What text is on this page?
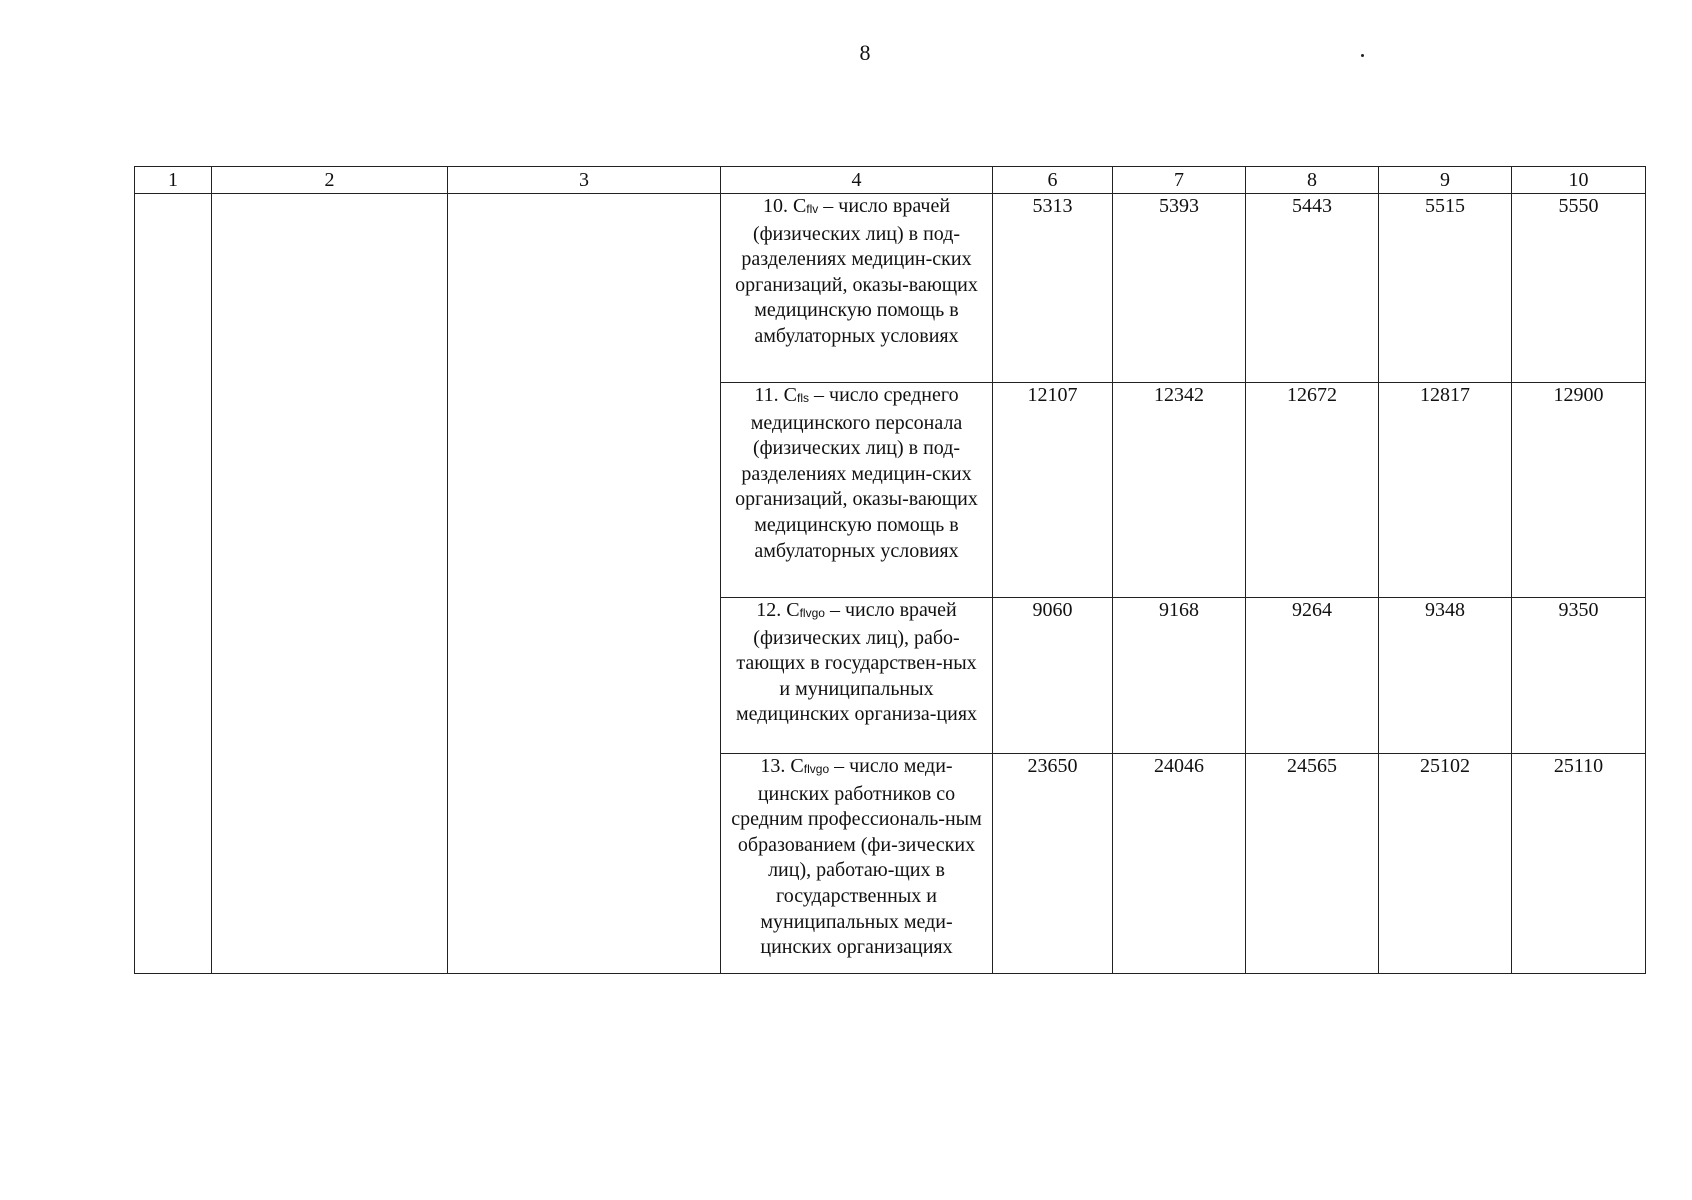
8
1	2	3	4	6	7	8	9	10
			10. Cflv – число врачей (физических лиц) в под-разделениях медицин-ских организаций, оказы-вающих медицинскую помощь в амбулаторных условиях	5313	5393	5443	5515	5550
			11. Cfls – число среднего медицинского персонала (физических лиц) в под-разделениях медицин-ских организаций, оказы-вающих медицинскую помощь в амбулаторных условиях	12107	12342	12672	12817	12900
			12. Cflvgo – число врачей (физических лиц), рабо-тающих в государствен-ных и муниципальных медицинских организа-циях	9060	9168	9264	9348	9350
			13. Cflvgo – число меди-цинских работников со средним профессиональ-ным образованием (фи-зических лиц), работаю-щих в государственных и муниципальных меди-цинских организациях	23650	24046	24565	25102	25110
